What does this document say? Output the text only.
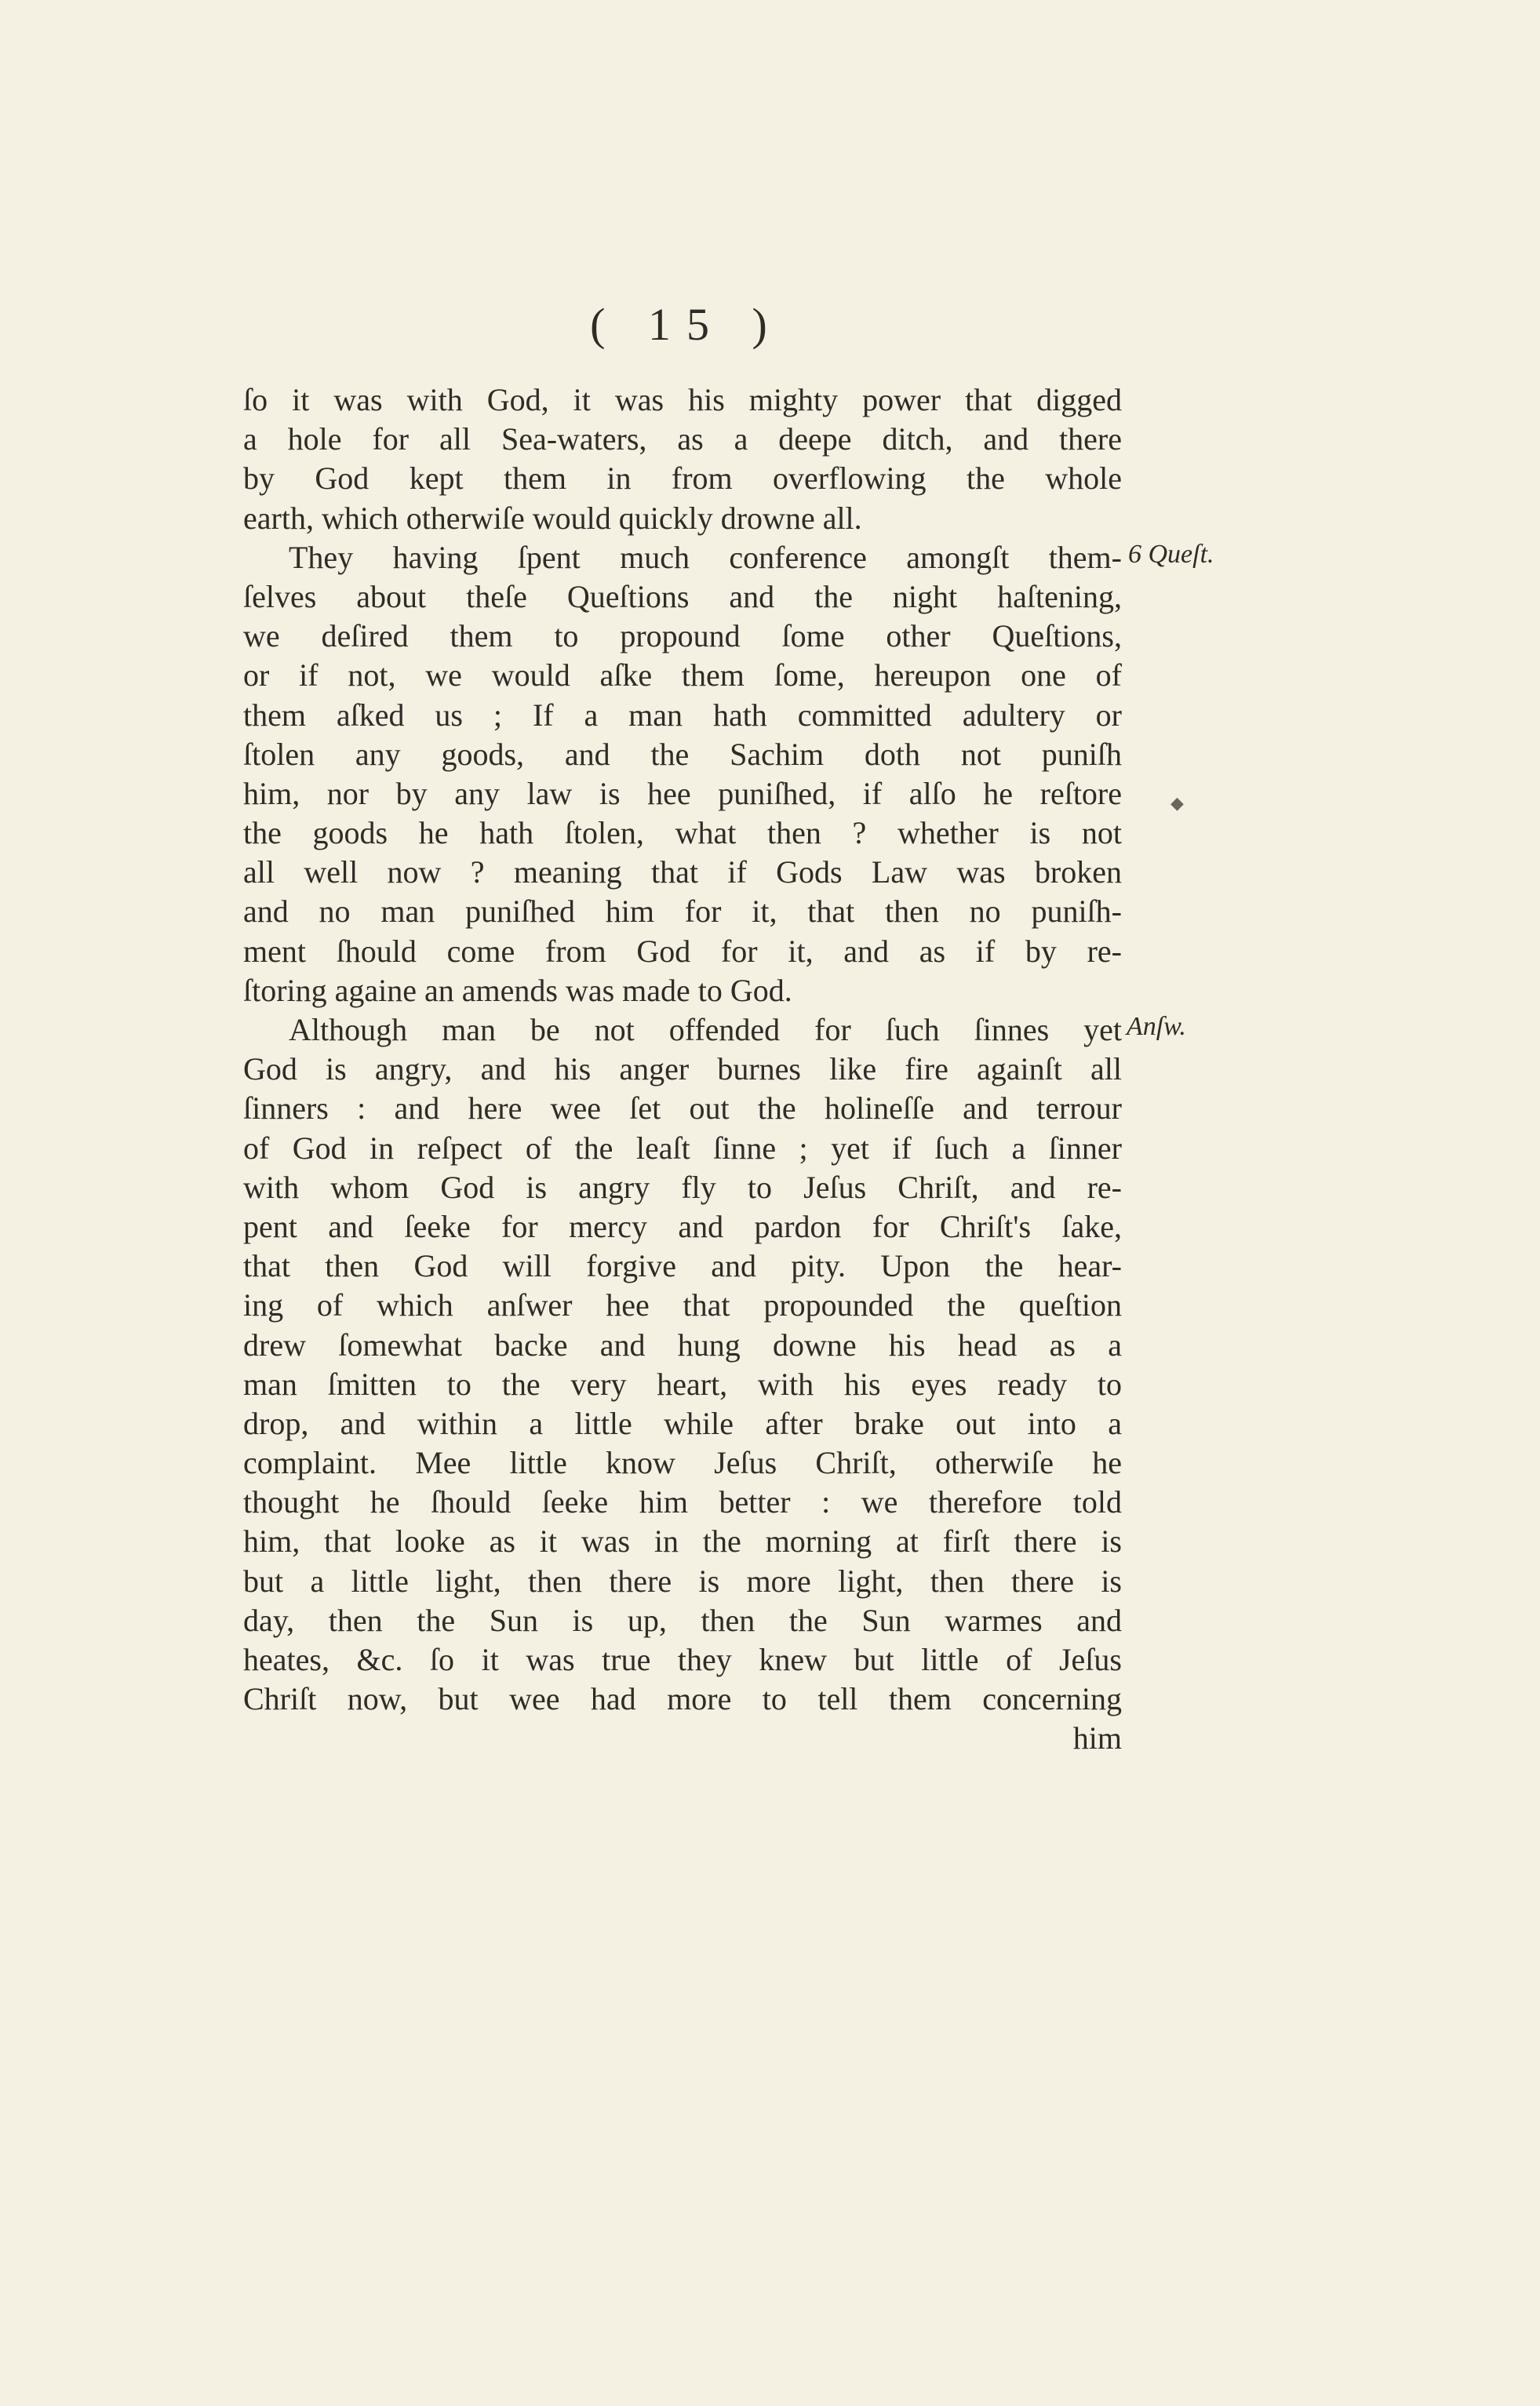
( 15 )
ſo it was with God, it was his mighty power that digged
a hole for all Sea-waters, as a deepe ditch, and there
by God kept them in from overflowing the whole
earth, which otherwiſe would quickly drowne all.
They having ſpent much conference amongſt them-
ſelves about theſe Queſtions and the night haſtening,
we deſired them to propound ſome other Queſtions,
or if not, we would aſke them ſome, hereupon one of
them aſked us ; If a man hath committed adultery or
ſtolen any goods, and the Sachim doth not puniſh
him, nor by any law is hee puniſhed, if alſo he reſtore
the goods he hath ſtolen, what then ? whether is not
all well now ? meaning that if Gods Law was broken
and no man puniſhed him for it, that then no puniſh-
ment ſhould come from God for it, and as if by re-
ſtoring againe an amends was made to God.
Although man be not offended for ſuch ſinnes yet
God is angry, and his anger burnes like fire againſt all
ſinners : and here wee ſet out the holineſſe and terrour
of God in reſpect of the leaſt ſinne ; yet if ſuch a ſinner
with whom God is angry fly to Jeſus Chriſt, and re-
pent and ſeeke for mercy and pardon for Chriſt's ſake,
that then God will forgive and pity. Upon the hear-
ing of which anſwer hee that propounded the queſtion
drew ſomewhat backe and hung downe his head as a
man ſmitten to the very heart, with his eyes ready to
drop, and within a little while after brake out into a
complaint. Mee little know Jeſus Chriſt, otherwiſe he
thought he ſhould ſeeke him better : we therefore told
him, that looke as it was in the morning at firſt there is
but a little light, then there is more light, then there is
day, then the Sun is up, then the Sun warmes and
heates, &c. ſo it was true they knew but little of Jeſus
Chriſt now, but wee had more to tell them concerning
him
6 Queſt.
Anſw.
◆
